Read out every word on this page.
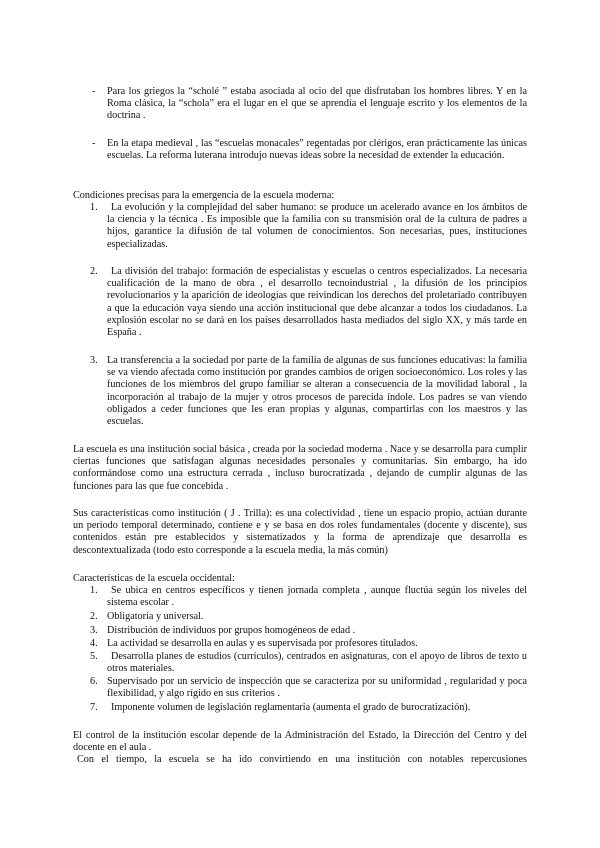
- Para los griegos la “scholé ” estaba asociada al ocio del que disfrutaban los hombres libres. Y en la Roma clásica, la “schola” era el lugar en el que se aprendía el lenguaje escrito y los elementos de la doctrina .
- En la etapa medieval , las “escuelas monacales” regentadas por clérigos, eran prácticamente las únicas escuelas. La reforma luterana introdujo nuevas ideas sobre la necesidad de extender la educación.
Condiciones precisas para la emergencia de la escuela moderna:
1.	La evolución y la complejidad del saber humano: se produce un acelerado avance en los ámbitos de la ciencia y la técnica . Es imposible que la familia con su transmisión oral de la cultura de padres a hijos, garantice la difusión de tal volumen de conocimientos. Son necesarias, pues, instituciones especializadas.
2.	La división del trabajo: formación de especialistas y escuelas o centros especializados. La necesaria cualificación de la mano de obra , el desarrollo tecnoindustrial , la difusión de los principios revolucionarios y la aparición de ideologías que reivindican los derechos del proletariado contribuyen a que la educación vaya siendo una acción institucional que debe alcanzar a todos los ciudadanos. La explosión escolar no se dará en los países desarrollados hasta mediados del siglo XX, y más tarde en España .
3. La transferencia a la sociedad por parte de la familia de algunas de sus funciones educativas: la familia se va viendo afectada como institución por grandes cambios de origen socioeconómico. Los roles y las funciones de los miembros del grupo familiar se alteran a consecuencia de la movilidad laboral , la incorporación al trabajo de la mujer y otros procesos de parecida índole. Los padres se van viendo obligados a ceder funciones que les eran propias y algunas, compartirlas con los maestros y las escuelas.
La escuela es una institución social básica , creada por la sociedad moderna . Nace y se desarrolla para cumplir ciertas funciones que satisfagan algunas necesidades personales y comunitarias. Sin embargo, ha ido conformándose como una estructura cerrada , incluso burocratizada , dejando de cumplir algunas de las funciones para las que fue concebida .
Sus características como institución ( J . Trilla): es una colectividad , tiene un espacio propio, actúan durante un periodo temporal determinado, contiene e y se basa en dos roles fundamentales (docente y discente), sus contenidos están pre establecidos y sistematizados y la forma de aprendizaje que desarrolla es descontextualizada (todo esto corresponde a la escuela media, la más común)
Características de la escuela occidental:
1.	Se ubica en centros específicos y tienen jornada completa , aunque fluctúa según los niveles del sistema escolar .
2. Obligatoria y universal.
3. Distribución de individuos por grupos homogéneos de edad .
4. La actividad se desarrolla en aulas y es supervisada por profesores titulados.
5.	Desarrolla planes de estudios (currículos), centrados en asignaturas, con el apoyo de libros de texto u otros materiales.
6. Supervisado por un servicio de inspección que se caracteriza por su uniformidad , regularidad y poca flexibilidad, y algo rígido en sus criterios .
7.	Imponente volumen de legislación reglamentaria (aumenta el grado de burocratización).
El control de la institución escolar depende de la Administración del Estado, la Dirección del Centro y del docente en el aula .
Con el tiempo, la escuela se ha ido convirtiendo en una institución con notables repercusiones
